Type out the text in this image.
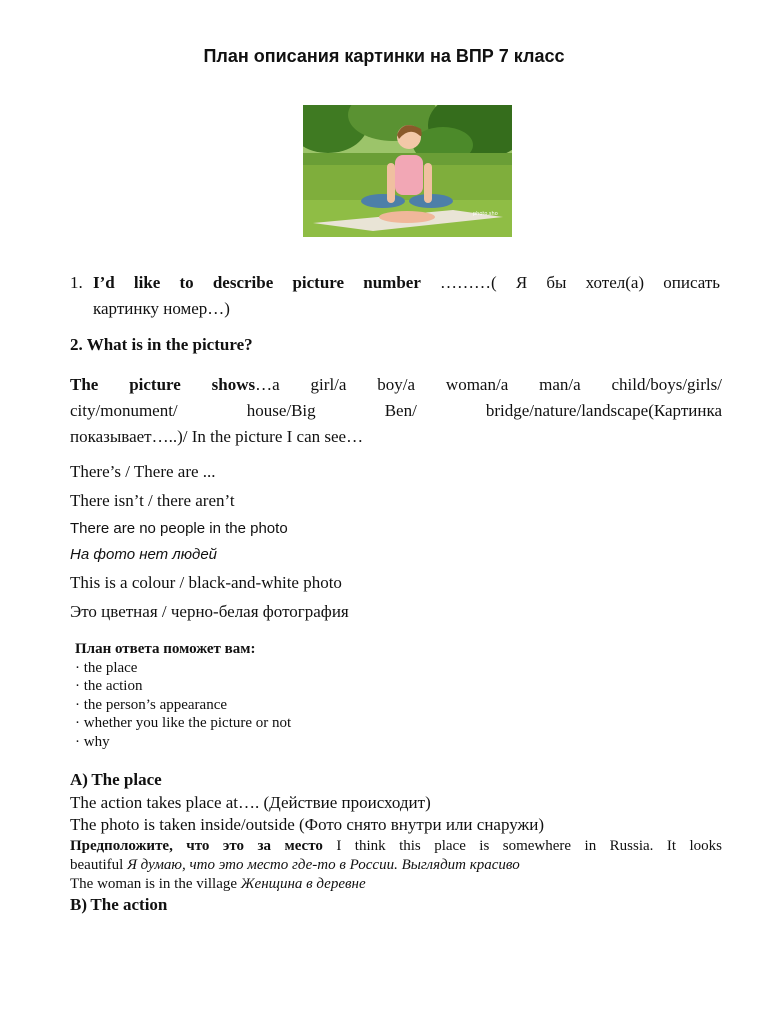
План описания картинки на ВПР 7 класс
photo.sho
1. I’d like to describe picture number ………( Я бы хотел(а) описать
картинку номер…)
2. What is in the picture?
The picture shows…a girl/a boy/a woman/a man/a child/boys/girls/
city/monument/ house/Big Ben/ bridge/nature/landscape(Картинка
показывает…..)/ In the picture I can see…
There’s / There are ...
There isn’t / there aren’t
There are no people in the photo
На фото нет людей
This is a colour / black-and-white photo
Это цветная / черно-белая фотография
План ответа поможет вам:
· the place
· the action
· the person’s appearance
· whether you like the picture or not
· why
A) The place
The action takes place at…. (Действие происходит)
The photo is taken inside/outside (Фото снято внутри или снаружи)
Предположите, что это за место I think this place is somewhere in Russia. It looks
beautiful Я думаю, что это место где-то в России. Выглядит красиво
The woman is in the village Женщина в деревне
B) The action
